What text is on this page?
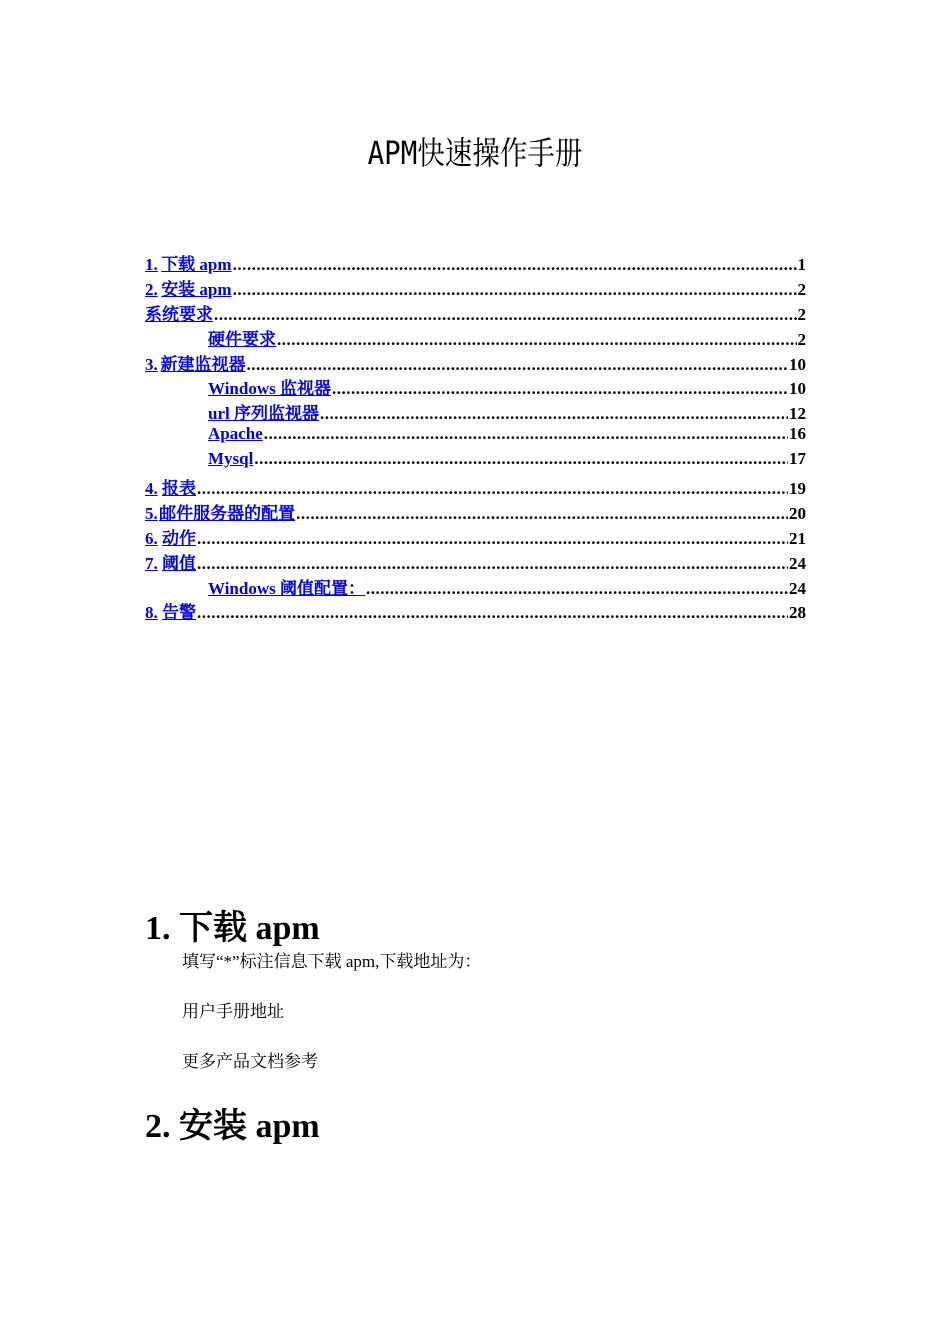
APM快速操作手册
1. 下载 apm .....	1
2. 安装 apm .....	2
系统要求 .....	2
硬件要求 .....	2
3. 新建监视器 .....	10
Windows 监视器 .....	10
url 序列监视器 .....	12
Apache .....	16
Mysql .....	17
4. 报表 .....	19
5. 邮件服务器的配置 .....	20
6. 动作 .....	21
7. 阈值 .....	24
Windows 阈值配置： .....	24
8. 告警 .....	28
1. 下载 apm

填写“*”标注信息下载 apm,下载地址为：

用户手册地址

更多产品文档参考

2. 安装 apm
